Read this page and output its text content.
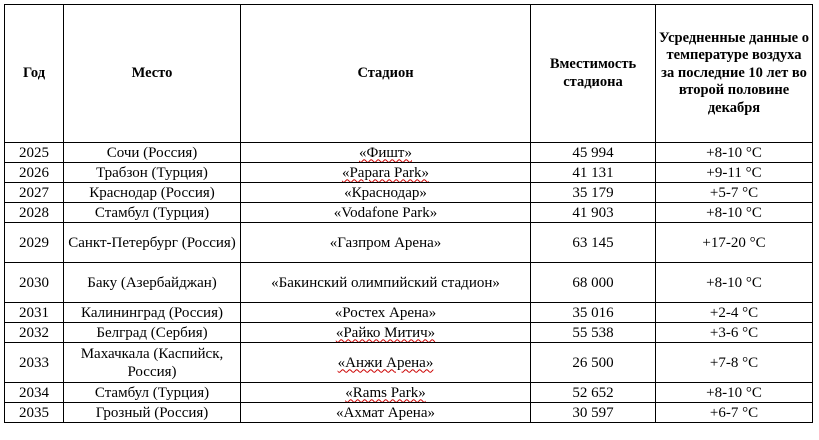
Год	Место	Стадион	Вместимость стадиона	Усредненные данные о температуре воздуха за последние 10 лет во второй половине декабря
2025	Сочи (Россия)	«Фишт»	45 994	+8-10 °С
2026	Трабзон (Турция)	«Papara Park»	41 131	+9-11 °С
2027	Краснодар (Россия)	«Краснодар»	35 179	+5-7 °С
2028	Стамбул (Турция)	«Vodafone Park»	41 903	+8-10 °С
2029	Санкт-Петербург (Россия)	«Газпром Арена»	63 145	+17-20 °С
2030	Баку (Азербайджан)	«Бакинский олимпийский стадион»	68 000	+8-10 °С
2031	Калининград (Россия)	«Ростех Арена»	35 016	+2-4 °С
2032	Белград (Сербия)	«Райко Митич»	55 538	+3-6 °С
2033	Махачкала (Каспийск, Россия)	«Анжи Арена»	26 500	+7-8 °С
2034	Стамбул (Турция)	«Rams Park»	52 652	+8-10 °С
2035	Грозный (Россия)	«Ахмат Арена»	30 597	+6-7 °С
